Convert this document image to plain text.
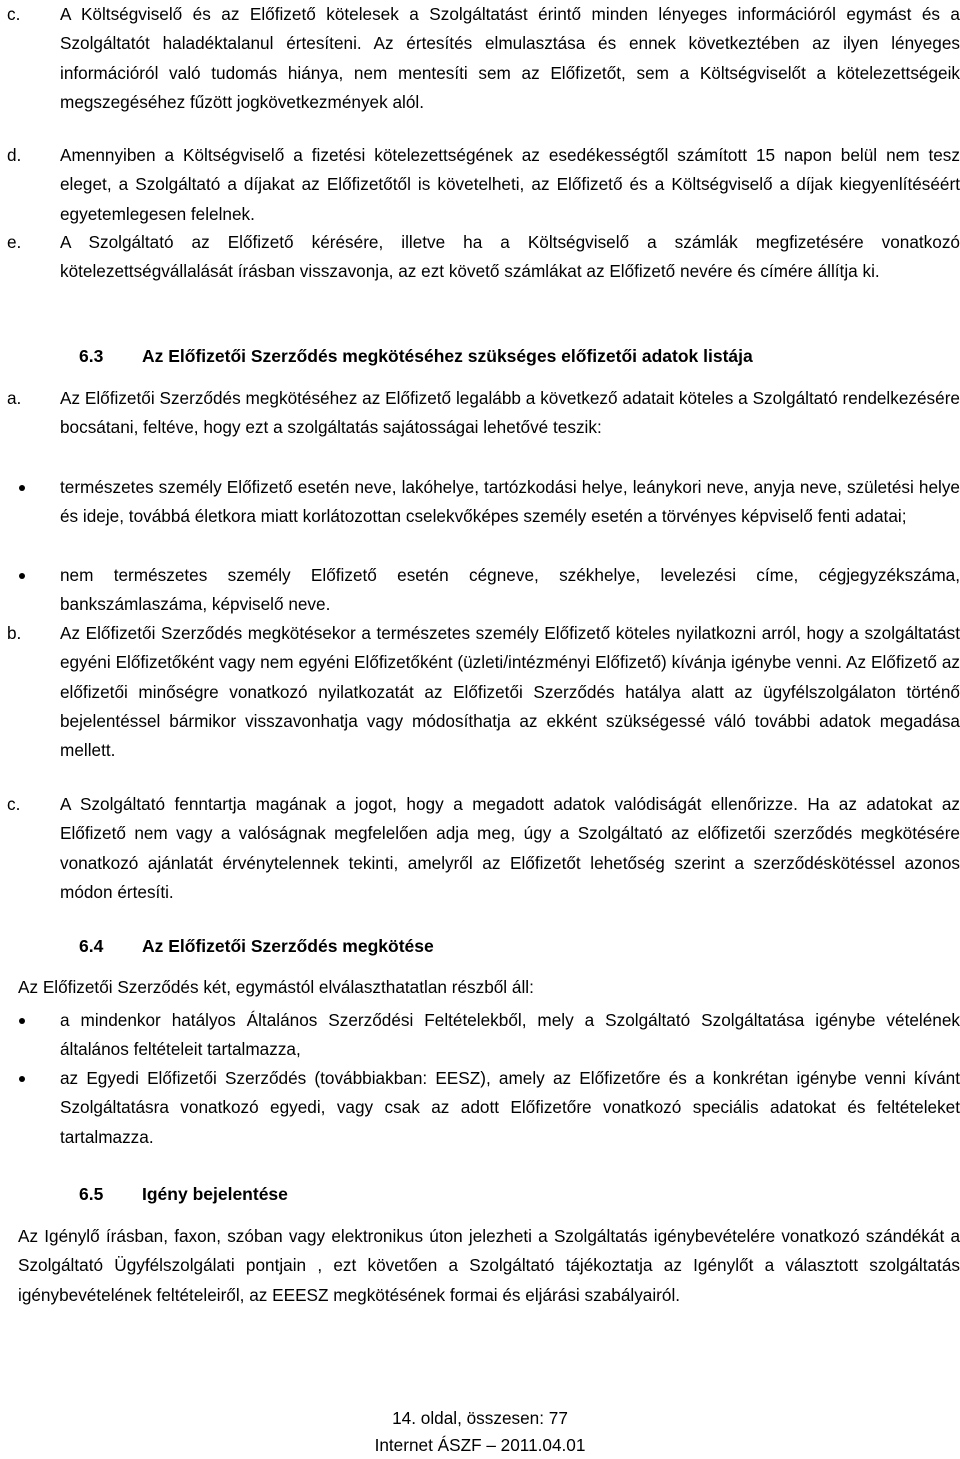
c.	A Költségviselő és az Előfizető kötelesek a Szolgáltatást érintő minden lényeges információról egymást és a Szolgáltatót haladéktalanul értesíteni. Az értesítés elmulasztása és ennek következtében az ilyen lényeges információról való tudomás hiánya, nem mentesíti sem az Előfizetőt, sem a Költségviselőt a kötelezettségeik megszegéséhez fűzött jogkövetkezmények alól.
d.	Amennyiben a Költségviselő a fizetési kötelezettségének az esedékességtől számított 15 napon belül nem tesz eleget, a Szolgáltató a díjakat az Előfizetőtől is követelheti, az Előfizető és a Költségviselő a díjak kiegyenlítéséért egyetemlegesen felelnek.
e.	A Szolgáltató az Előfizető kérésére, illetve ha a Költségviselő a számlák megfizetésére vonatkozó kötelezettségvállalását írásban visszavonja, az ezt követő számlákat az Előfizető nevére és címére állítja ki.
6.3 Az Előfizetői Szerződés megkötéséhez szükséges előfizetői adatok listája
a.	Az Előfizetői Szerződés megkötéséhez az Előfizető legalább a következő adatait köteles a Szolgáltató rendelkezésére bocsátani, feltéve, hogy ezt a szolgáltatás sajátosságai lehetővé teszik:
természetes személy Előfizető esetén neve, lakóhelye, tartózkodási helye, leánykori neve, anyja neve, születési helye és ideje, továbbá életkora miatt korlátozottan cselekvőképes személy esetén a törvényes képviselő fenti adatai;
nem természetes személy Előfizető esetén cégneve, székhelye, levelezési címe, cégjegyzékszáma, bankszámlaszáma, képviselő neve.
b.	Az Előfizetői Szerződés megkötésekor a természetes személy Előfizető köteles nyilatkozni arról, hogy a szolgáltatást egyéni Előfizetőként vagy nem egyéni Előfizetőként (üzleti/intézményi Előfizető) kívánja igénybe venni. Az Előfizető az előfizetői minőségre vonatkozó nyilatkozatát az Előfizetői Szerződés hatálya alatt az ügyfélszolgálaton történő bejelentéssel bármikor visszavonhatja vagy módosíthatja az ekként szükségessé váló további adatok megadása mellett.
c.	A Szolgáltató fenntartja magának a jogot, hogy a megadott adatok valódiságát ellenőrizze. Ha az adatokat az Előfizető nem vagy a valóságnak megfelelően adja meg, úgy a Szolgáltató az előfizetői szerződés megkötésére vonatkozó ajánlatát érvénytelennek tekinti, amelyről az Előfizetőt lehetőség szerint a szerződéskötéssel azonos módon értesíti.
6.4 Az Előfizetői Szerződés megkötése
Az Előfizetői Szerződés két, egymástól elválaszthatatlan részből áll:
a mindenkor hatályos Általános Szerződési Feltételekből, mely a Szolgáltató Szolgáltatása igénybe vételének általános feltételeit tartalmazza,
az Egyedi Előfizetői Szerződés (továbbiakban: EESZ), amely az Előfizetőre és a konkrétan igénybe venni kívánt Szolgáltatásra vonatkozó egyedi, vagy csak az adott Előfizetőre vonatkozó speciális adatokat és feltételeket tartalmazza.
6.5 Igény bejelentése
Az Igénylő írásban, faxon, szóban vagy elektronikus úton jelezheti a Szolgáltatás igénybevételére vonatkozó szándékát a Szolgáltató Ügyfélszolgálati pontjain , ezt követően a Szolgáltató tájékoztatja az Igénylőt a választott szolgáltatás igénybevételének feltételeiről, az EEESZ megkötésének formai és eljárási szabályairól.
14. oldal, összesen: 77
Internet ÁSZF – 2011.04.01
